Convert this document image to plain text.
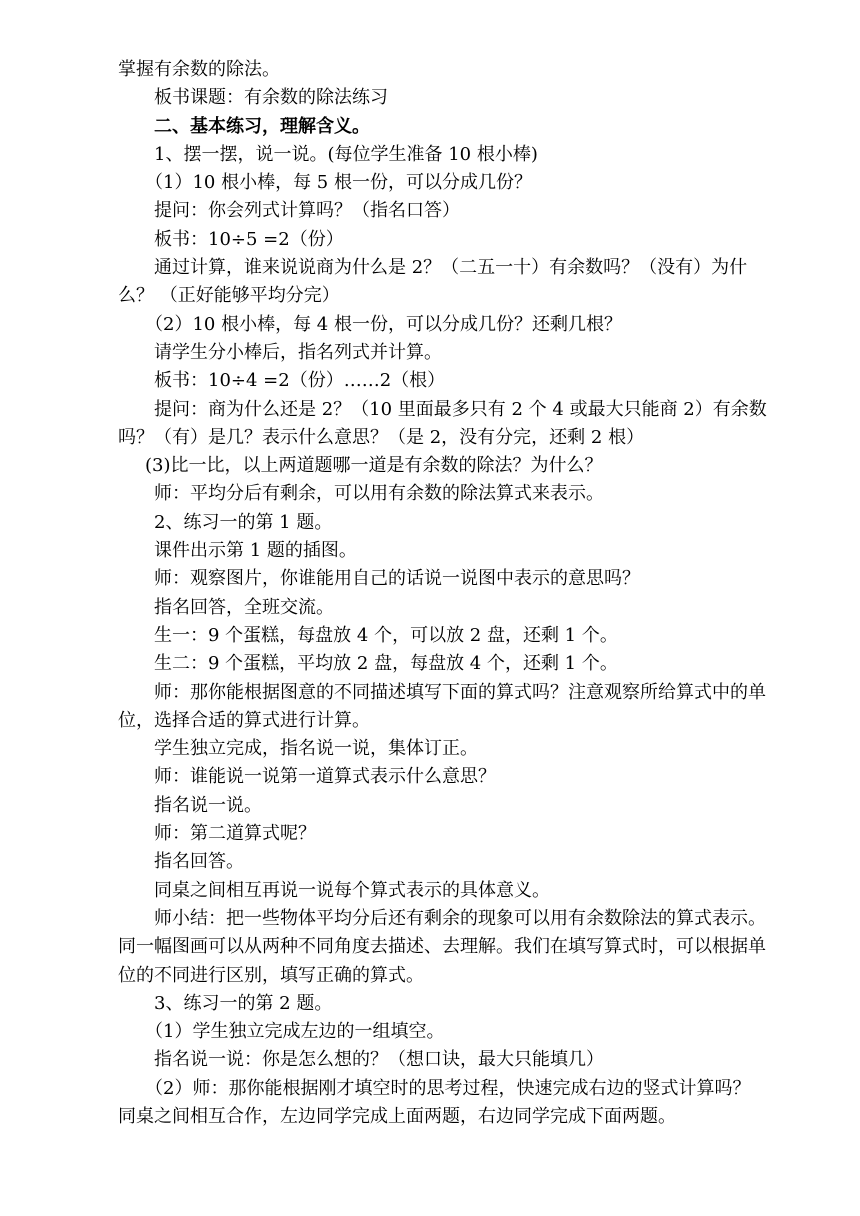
掌握有余数的除法。

板书课题：有余数的除法练习

二、基本练习，理解含义。

1、摆一摆，说一说。(每位学生准备 10 根小棒)

（1）10 根小棒，每 5 根一份，可以分成几份？

提问：你会列式计算吗？（指名口答）

板书：10÷5 =2（份）

通过计算，谁来说说商为什么是 2？（二五一十）有余数吗？（没有）为什么？ （正好能够平均分完）

（2）10 根小棒，每 4 根一份，可以分成几份？还剩几根？

请学生分小棒后，指名列式并计算。

板书：10÷4 =2（份）……2（根）

提问：商为什么还是 2？（10 里面最多只有 2 个 4 或最大只能商 2）有余数吗？（有）是几？表示什么意思？（是 2，没有分完，还剩 2 根）

(3)比一比，以上两道题哪一道是有余数的除法？为什么？

师：平均分后有剩余，可以用有余数的除法算式来表示。

2、练习一的第 1 题。

课件出示第 1 题的插图。

师：观察图片，你谁能用自己的话说一说图中表示的意思吗？

指名回答，全班交流。

生一：9 个蛋糕，每盘放 4 个，可以放 2 盘，还剩 1 个。

生二：9 个蛋糕，平均放 2 盘，每盘放 4 个，还剩 1 个。

师：那你能根据图意的不同描述填写下面的算式吗？注意观察所给算式中的单位，选择合适的算式进行计算。

学生独立完成，指名说一说，集体订正。

师：谁能说一说第一道算式表示什么意思？

指名说一说。

师：第二道算式呢？

指名回答。

同桌之间相互再说一说每个算式表示的具体意义。

师小结：把一些物体平均分后还有剩余的现象可以用有余数除法的算式表示。同一幅图画可以从两种不同角度去描述、去理解。我们在填写算式时，可以根据单位的不同进行区别，填写正确的算式。

3、练习一的第 2 题。

（1）学生独立完成左边的一组填空。

指名说一说：你是怎么想的？（想口诀，最大只能填几）

（2）师：那你能根据刚才填空时的思考过程，快速完成右边的竖式计算吗？同桌之间相互合作，左边同学完成上面两题，右边同学完成下面两题。
